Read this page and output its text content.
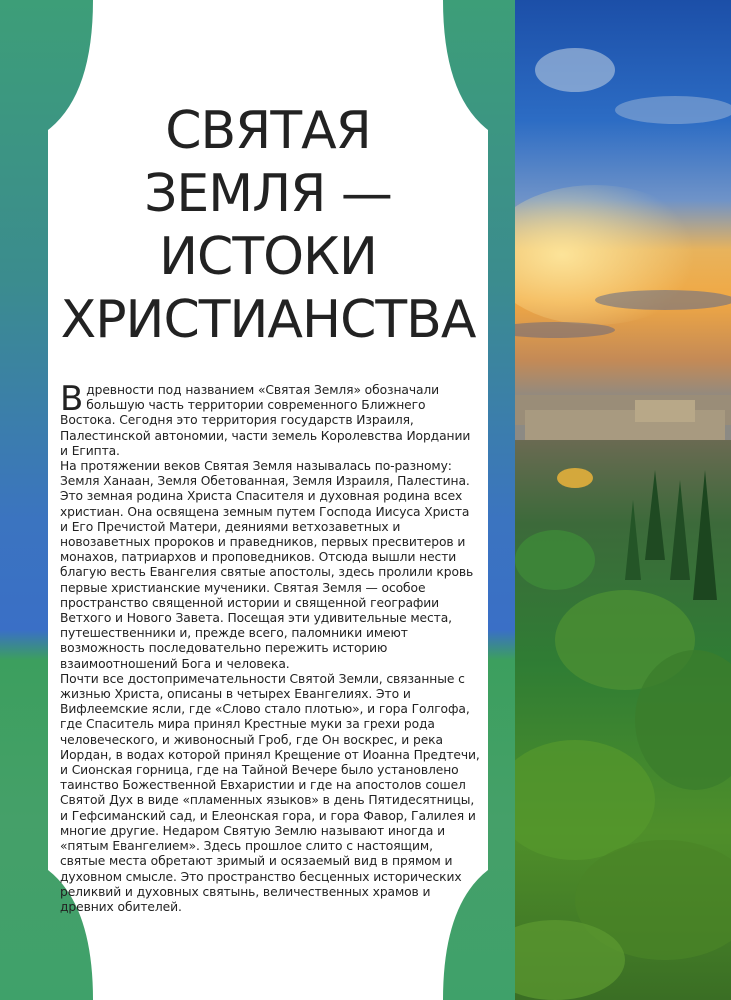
СВЯТАЯ
ЗЕМЛЯ —
ИСТОКИ
ХРИСТИАНСТВА

Вдревности под названием «Святая Земля» обозначали большую часть территории современного Ближнего Востока. Сегодня это территория государств Израиля, Палестинской автономии, части земель Королевства Иордании и Египта.

На протяжении веков Святая Земля называлась по-разному: Земля Ханаан, Земля Обетованная, Земля Израиля, Палестина.

Это земная родина Христа Спасителя и духовная родина всех христиан. Она освящена земным путем Господа Иисуса Христа и Его Пречистой Матери, деяниями ветхозаветных и новозаветных пророков и праведников, первых пресвитеров и монахов, патриархов и проповедников. Отсюда вышли нести благую весть Евангелия святые апостолы, здесь пролили кровь первые христианские мученики. Святая Земля — особое пространство священной истории и священной географии Ветхого и Нового Завета. Посещая эти удивительные места, путешественники и, прежде всего, паломники имеют возможность последовательно пережить историю взаимоотношений Бога и человека.

Почти все достопримечательности Святой Земли, связанные с жизнью Христа, описаны в четырех Евангелиях. Это и Вифлеемские ясли, где «Слово стало плотью», и гора Голгофа, где Спаситель мира принял Крестные муки за грехи рода человеческого, и живоносный Гроб, где Он воскрес, и река Иордан, в водах которой принял Крещение от Иоанна Предтечи, и Сионская горница, где на Тайной Вечере было установлено таинство Божественной Евхаристии и где на апостолов сошел Святой Дух в виде «пламенных языков» в день Пятидесятницы, и Гефсиманский сад, и Елеонская гора, и гора Фавор, Галилея и многие другие. Недаром Святую Землю называют иногда и «пятым Евангелием». Здесь прошлое слито с настоящим, святые места обретают зримый и осязаемый вид в прямом и духовном смысле. Это пространство бесценных исторических реликвий и духовных святынь, величественных храмов и древних обителей.
